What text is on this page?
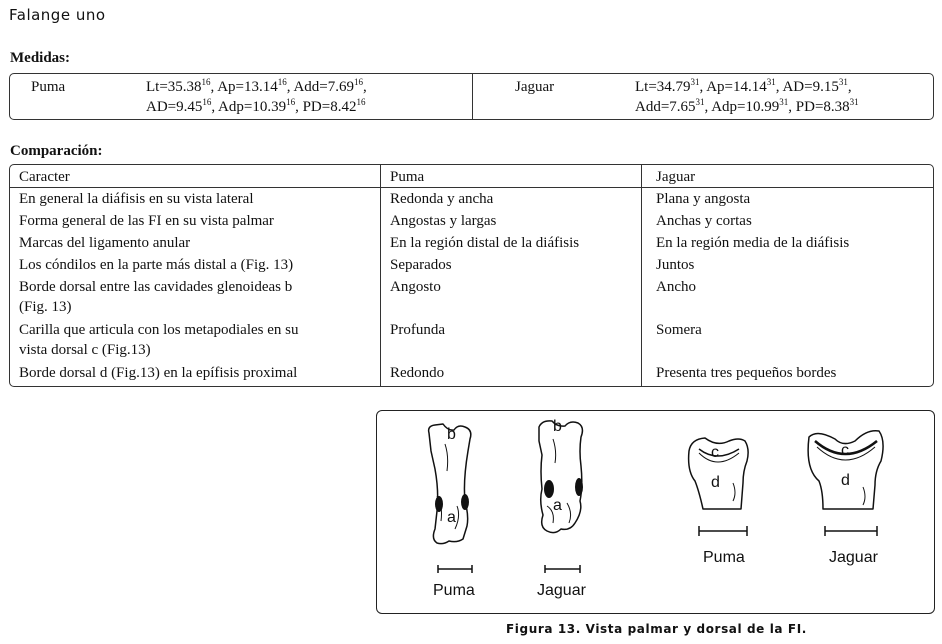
Falange uno
Medidas:
Puma	$Lt=35.38^{16}$, $Ap=13.14^{16}$, $Add=7.69^{16}$,
$AD=9.45^{16}$, $Adp=10.39^{16}$, $PD=8.42^{16}$
Jaguar	$Lt=34.79^{31}$, $Ap=14.14^{31}$, $AD=9.15^{31}$,
$Add=7.65^{31}$, $Adp=10.99^{31}$, $PD=8.38^{31}$
Comparación:
Caracter	Puma	Jaguar
En general la diáfisis en su vista lateral	Redonda y ancha	Plana y angosta
Forma general de las FI en su vista palmar	Angostas y largas	Anchas y cortas
Marcas del ligamento anular	En la región distal de la diáfisis	En la región media de la diáfisis
Los cóndilos en la parte más distal a (Fig. 13)	Separados	Juntos
Borde dorsal entre las cavidades glenoideas b
(Fig. 13)
Angosto	Ancho
Carilla que articula con los metapodiales en su
vista dorsal c (Fig.13)
Profunda	Somera
Borde dorsal d (Fig.13) en la epífisis proximal	Redondo	Presenta tres pequeños bordes
b	b
a
a
c	c
d	d
Puma	Jaguar
Puma	Jaguar
Figura 13. Vista palmar y dorsal de la FI.
